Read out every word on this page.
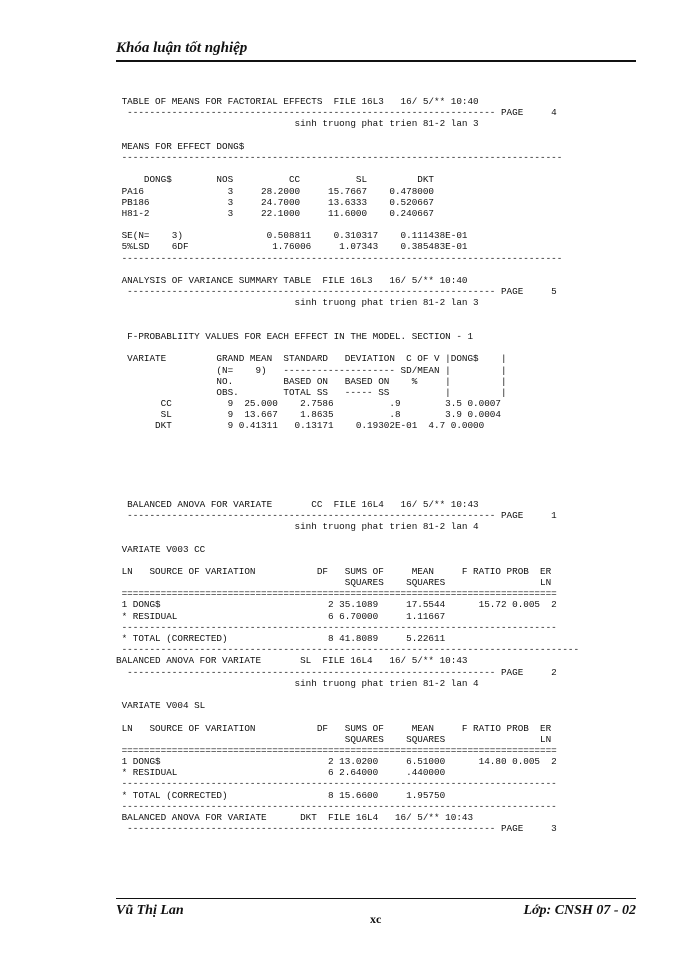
Khóa luận tốt nghiệp
TABLE OF MEANS FOR FACTORIAL EFFECTS  FILE 16L3   16/ 5/** 10:40
------------------------------------------------------------------ PAGE     4
sinh truong phat trien 81-2 lan 3

MEANS FOR EFFECT DONG$
-------------------------------------------------------------------------------

DONG$        NOS          CC          SL         DKT
PA16               3     28.2000     15.7667    0.478000
PB186              3     24.7000     13.6333    0.520667
H81-2              3     22.1000     11.6000    0.240667

SE(N=    3)               0.508811    0.310317    0.111438E-01
5%LSD    6DF               1.76006     1.07343    0.385483E-01
-------------------------------------------------------------------------------

ANALYSIS OF VARIANCE SUMMARY TABLE  FILE 16L3   16/ 5/** 10:40
------------------------------------------------------------------ PAGE     5
sinh truong phat trien 81-2 lan 3

F-PROBABLIITY VALUES FOR EACH EFFECT IN THE MODEL. SECTION - 1

VARIATE         GRAND MEAN  STANDARD   DEVIATION  C OF V |DONG$    |
(N=    9)   -------------------- SD/MEAN |         |
NO.         BASED ON   BASED ON    %     |         |
OBS.        TOTAL SS   ----- SS          |         |
CC          9  25.000    2.7586          .9        3.5 0.0007
SL          9  13.667    1.8635          .8        3.9 0.0004
DKT          9 0.41311   0.13171    0.19302E-01  4.7 0.0000

BALANCED ANOVA FOR VARIATE       CC  FILE 16L4   16/ 5/** 10:43
------------------------------------------------------------------ PAGE     1
sinh truong phat trien 81-2 lan 4

VARIATE V003 CC

LN   SOURCE OF VARIATION           DF   SUMS OF     MEAN     F RATIO PROB  ER
SQUARES    SQUARES                 LN
==============================================================================
1 DONG$                              2 35.1089     17.5544      15.72 0.005  2
* RESIDUAL                           6 6.70000     1.11667
------------------------------------------------------------------------------
* TOTAL (CORRECTED)                  8 41.8089     5.22611
----------------------------------------------------------------------------------
BALANCED ANOVA FOR VARIATE       SL  FILE 16L4   16/ 5/** 10:43
------------------------------------------------------------------ PAGE     2
sinh truong phat trien 81-2 lan 4

VARIATE V004 SL

LN   SOURCE OF VARIATION           DF   SUMS OF     MEAN     F RATIO PROB  ER
SQUARES    SQUARES                 LN
==============================================================================
1 DONG$                              2 13.0200     6.51000      14.80 0.005  2
* RESIDUAL                           6 2.64000     .440000
------------------------------------------------------------------------------
* TOTAL (CORRECTED)                  8 15.6600     1.95750
------------------------------------------------------------------------------
BALANCED ANOVA FOR VARIATE      DKT  FILE 16L4   16/ 5/** 10:43
------------------------------------------------------------------ PAGE     3
Vũ Thị Lan
xc
Lớp: CNSH 07 - 02
